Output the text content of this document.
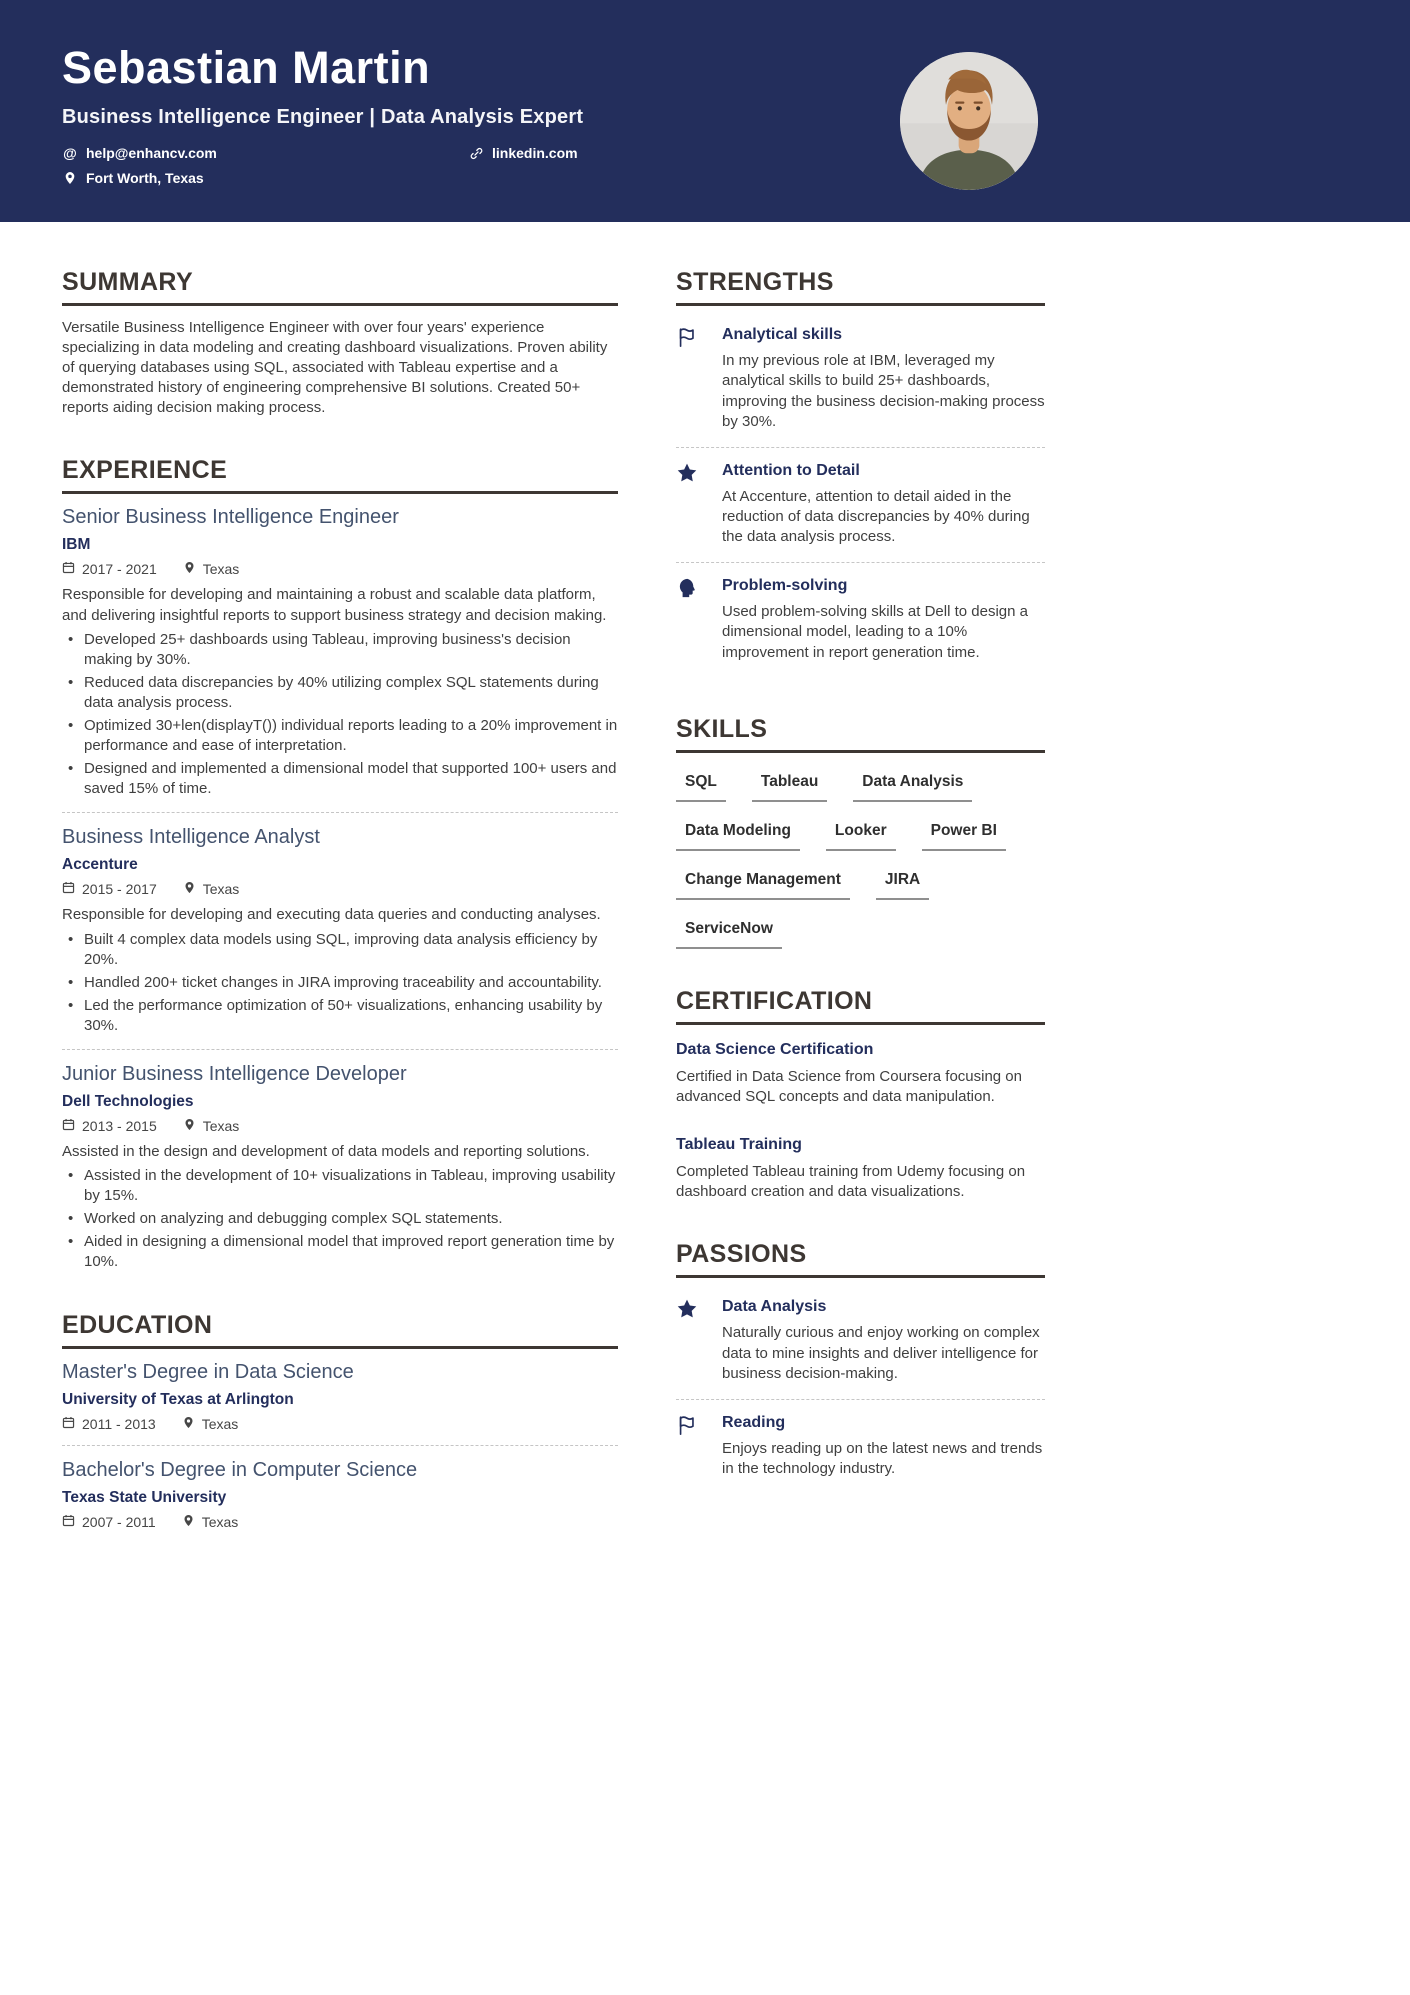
Sebastian Martin
Business Intelligence Engineer | Data Analysis Expert
@ help@enhancv.com	linkedin.com
Fort Worth, Texas
SUMMARY

Versatile Business Intelligence Engineer with over four years' experience specializing in data modeling and creating dashboard visualizations. Proven ability of querying databases using SQL, associated with Tableau expertise and a demonstrated history of engineering comprehensive BI solutions. Created 50+ reports aiding decision making process.

EXPERIENCE
Senior Business Intelligence Engineer
IBM
2017 - 2021	Texas

Responsible for developing and maintaining a robust and scalable data platform, and delivering insightful reports to support business strategy and decision making.

• Developed 25+ dashboards using Tableau, improving business's decision making by 30%.
• Reduced data discrepancies by 40% utilizing complex SQL statements during data analysis process.
• Optimized 30+len(displayT()) individual reports leading to a 20% improvement in performance and ease of interpretation.
• Designed and implemented a dimensional model that supported 100+ users and saved 15% of time.
Business Intelligence Analyst
Accenture
2015 - 2017	Texas

Responsible for developing and executing data queries and conducting analyses.

• Built 4 complex data models using SQL, improving data analysis efficiency by 20%.
• Handled 200+ ticket changes in JIRA improving traceability and accountability.
• Led the performance optimization of 50+ visualizations, enhancing usability by 30%.
Junior Business Intelligence Developer
Dell Technologies
2013 - 2015	Texas

Assisted in the design and development of data models and reporting solutions.

• Assisted in the development of 10+ visualizations in Tableau, improving usability by 15%.
• Worked on analyzing and debugging complex SQL statements.
• Aided in designing a dimensional model that improved report generation time by 10%.
EDUCATION
Master's Degree in Data Science
University of Texas at Arlington
2011 - 2013	Texas
Bachelor's Degree in Computer Science
Texas State University
2007 - 2011	Texas
STRENGTHS
Analytical skills

In my previous role at IBM, leveraged my analytical skills to build 25+ dashboards, improving the business decision-making process by 30%.

Attention to Detail

At Accenture, attention to detail aided in the reduction of data discrepancies by 40% during the data analysis process.

Problem-solving

Used problem-solving skills at Dell to design a dimensional model, leading to a 10% improvement in report generation time.

SKILLS
SQL	Tableau	Data Analysis
Data Modeling	Looker	Power BI
Change Management	JIRA
ServiceNow
CERTIFICATION
Data Science Certification

Certified in Data Science from Coursera focusing on advanced SQL concepts and data manipulation.

Tableau Training

Completed Tableau training from Udemy focusing on dashboard creation and data visualizations.

PASSIONS
Data Analysis

Naturally curious and enjoy working on complex data to mine insights and deliver intelligence for business decision-making.

Reading

Enjoys reading up on the latest news and trends in the technology industry.
